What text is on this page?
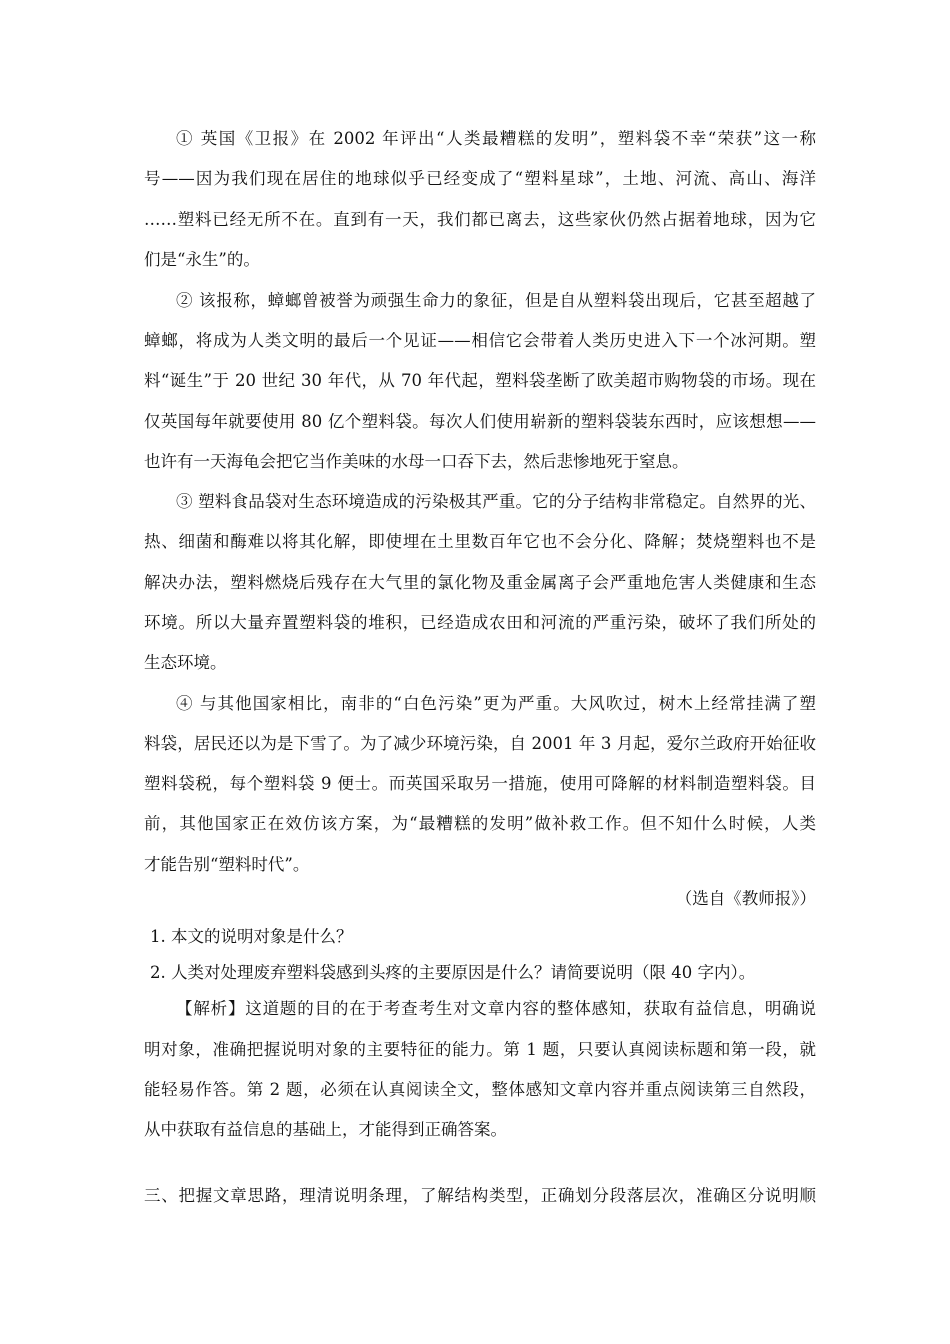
① 英国《卫报》在 2002 年评出“人类最糟糕的发明”，塑料袋不幸“荣获”这一称
号——因为我们现在居住的地球似乎已经变成了“塑料星球”，土地、河流、高山、海洋
……塑料已经无所不在。直到有一天，我们都已离去，这些家伙仍然占据着地球，因为它
们是“永生”的。
② 该报称，蟑螂曾被誉为顽强生命力的象征，但是自从塑料袋出现后，它甚至超越了
蟑螂，将成为人类文明的最后一个见证——相信它会带着人类历史进入下一个冰河期。塑
料“诞生”于 20 世纪 30 年代，从 70 年代起，塑料袋垄断了欧美超市购物袋的市场。现在
仅英国每年就要使用 80 亿个塑料袋。每次人们使用崭新的塑料袋装东西时，应该想想——
也许有一天海龟会把它当作美味的水母一口吞下去，然后悲惨地死于窒息。
③ 塑料食品袋对生态环境造成的污染极其严重。它的分子结构非常稳定。自然界的光、
热、细菌和酶难以将其化解，即使埋在土里数百年它也不会分化、降解；焚烧塑料也不是
解决办法，塑料燃烧后残存在大气里的氯化物及重金属离子会严重地危害人类健康和生态
环境。所以大量弃置塑料袋的堆积，已经造成农田和河流的严重污染，破坏了我们所处的
生态环境。
④ 与其他国家相比，南非的“白色污染”更为严重。大风吹过，树木上经常挂满了塑
料袋，居民还以为是下雪了。为了减少环境污染，自 2001 年 3 月起，爱尔兰政府开始征收
塑料袋税，每个塑料袋 9 便士。而英国采取另一措施，使用可降解的材料制造塑料袋。目
前，其他国家正在效仿该方案，为“最糟糕的发明”做补救工作。但不知什么时候，人类
才能告别“塑料时代”。
（选自《教师报》）
1. 本文的说明对象是什么？
2. 人类对处理废弃塑料袋感到头疼的主要原因是什么？请简要说明（限 40 字内）。
【解析】这道题的目的在于考查考生对文章内容的整体感知，获取有益信息，明确说
明对象，准确把握说明对象的主要特征的能力。第 1 题，只要认真阅读标题和第一段，就
能轻易作答。第 2 题，必须在认真阅读全文，整体感知文章内容并重点阅读第三自然段，
从中获取有益信息的基础上，才能得到正确答案。
三、把握文章思路，理清说明条理，了解结构类型，正确划分段落层次，准确区分说明顺
